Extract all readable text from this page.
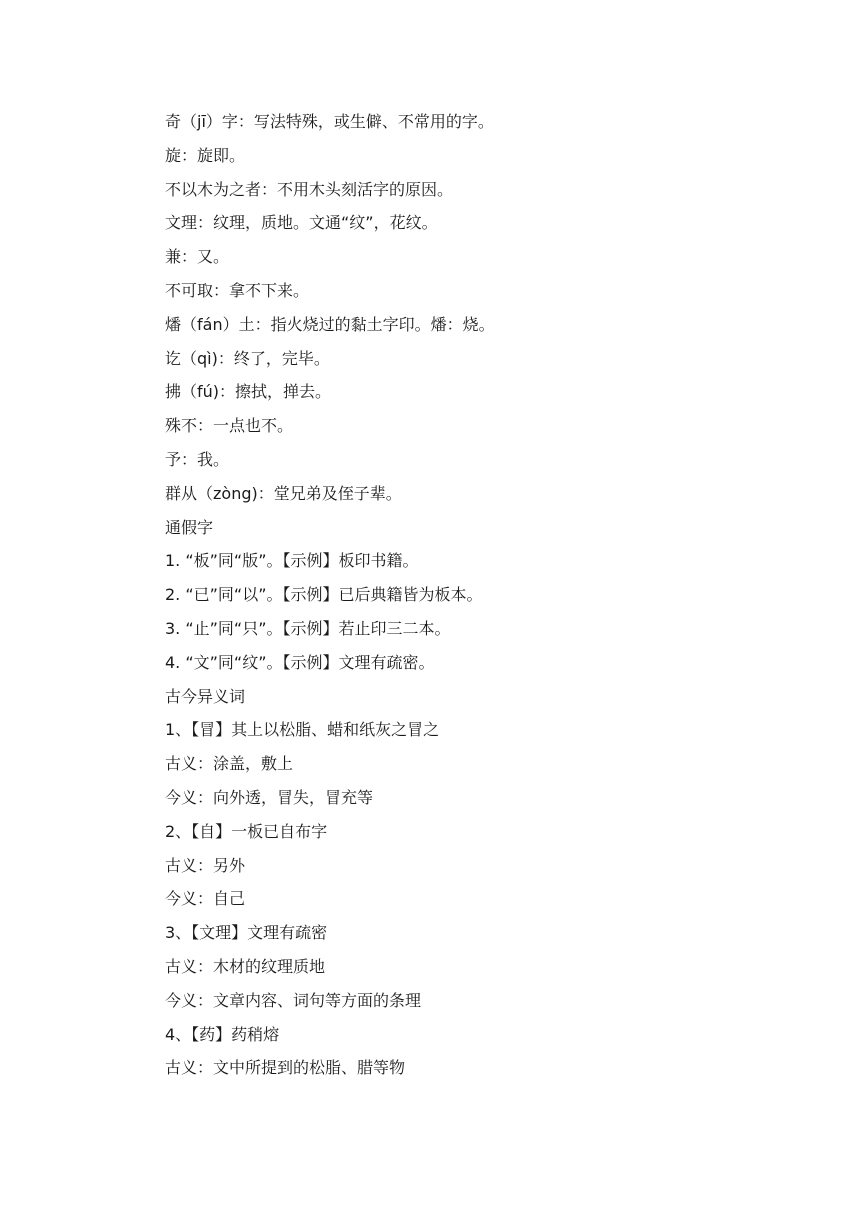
奇（jī）字：写法特殊，或生僻、不常用的字。
旋：旋即。
不以木为之者：不用木头刻活字的原因。
文理：纹理，质地。文通“纹”，花纹。
兼：又。
不可取：拿不下来。
燔（fán）土：指火烧过的黏土字印。燔：烧。
讫（qì)：终了，完毕。
拂（fú)：擦拭，掸去。
殊不：一点也不。
予：我。
群从（zòng)：堂兄弟及侄子辈。
通假字
1. “板”同“版”。【示例】板印书籍。
2. “已”同“以”。【示例】已后典籍皆为板本。
3. “止”同“只”。【示例】若止印三二本。
4. “文”同“纹”。【示例】文理有疏密。
古今异义词
1、【冒】其上以松脂、蜡和纸灰之冒之
古义：涂盖，敷上
今义：向外透，冒失，冒充等
2、【自】一板已自布字
古义：另外
今义：自己
3、【文理】文理有疏密
古义：木材的纹理质地
今义：文章内容、词句等方面的条理
4、【药】药稍熔
古义：文中所提到的松脂、腊等物
